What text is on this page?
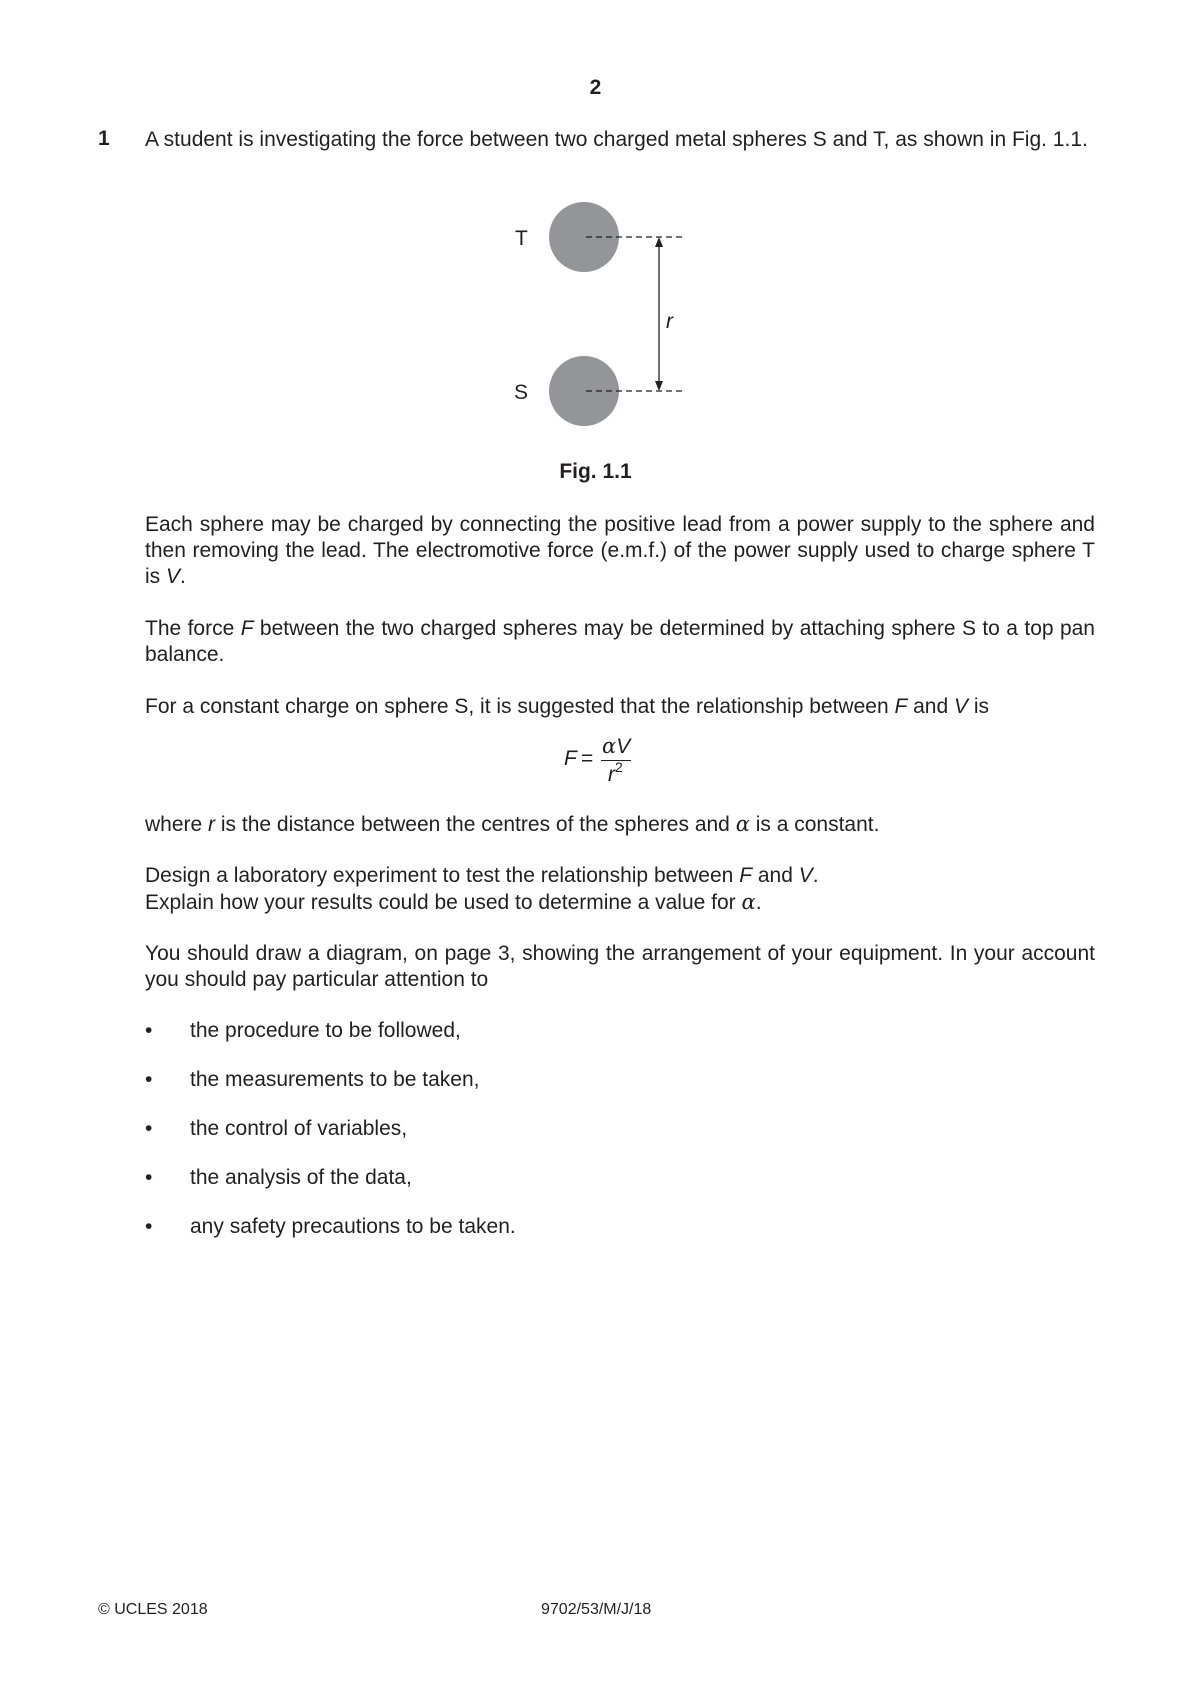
2
1 A student is investigating the force between two charged metal spheres S and T, as shown in Fig. 1.1.
T
S
r
Fig. 1.1
Each sphere may be charged by connecting the positive lead from a power supply to the sphere and then removing the lead. The electromotive force (e.m.f.) of the power supply used to charge sphere T is V.
The force F between the two charged spheres may be determined by attaching sphere S to a top pan balance.
For a constant charge on sphere S, it is suggested that the relationship between F and V is
F =
αV
$r^2$
where r is the distance between the centres of the spheres and α is a constant.
Design a laboratory experiment to test the relationship between F and V.
Explain how your results could be used to determine a value for α.
You should draw a diagram, on page 3, showing the arrangement of your equipment. In your account you should pay particular attention to
• the procedure to be followed,
• the measurements to be taken,
• the control of variables,
• the analysis of the data,
• any safety precautions to be taken.
© UCLES 2018	9702/53/M/J/18
